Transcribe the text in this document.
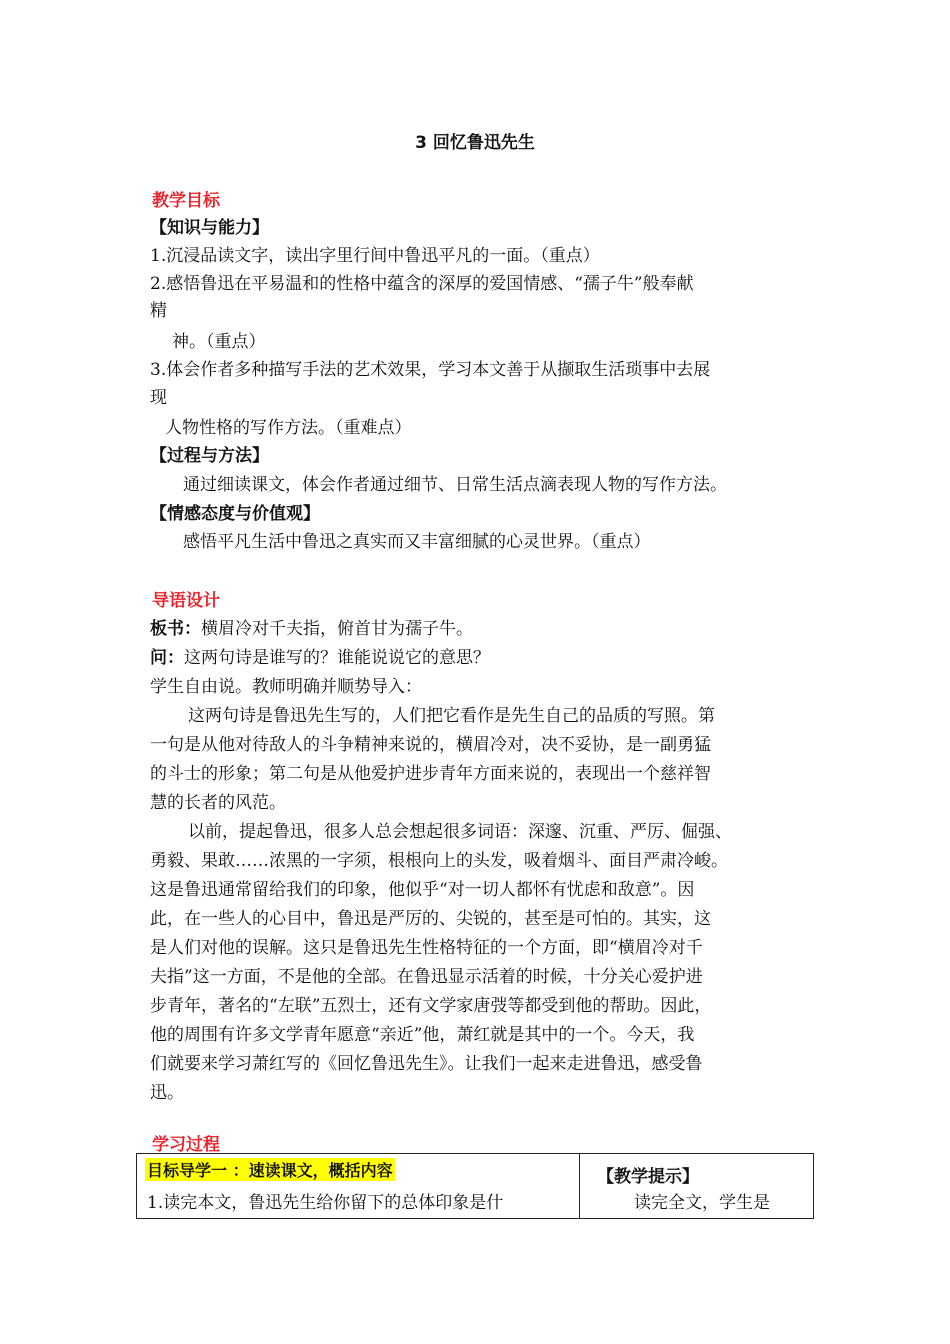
3 回忆鲁迅先生
教学目标
【知识与能力】
1.沉浸品读文字，读出字里行间中鲁迅平凡的一面。（重点）
2.感悟鲁迅在平易温和的性格中蕴含的深厚的爱国情感、“孺子牛”般奉献
精
神。（重点）
3.体会作者多种描写手法的艺术效果，学习本文善于从撷取生活琐事中去展
现
人物性格的写作方法。（重难点）
【过程与方法】
通过细读课文，体会作者通过细节、日常生活点滴表现人物的写作方法。
【情感态度与价值观】
感悟平凡生活中鲁迅之真实而又丰富细腻的心灵世界。（重点）
导语设计
板书：横眉冷对千夫指，俯首甘为孺子牛。
问：这两句诗是谁写的？谁能说说它的意思？
学生自由说。教师明确并顺势导入：
这两句诗是鲁迅先生写的，人们把它看作是先生自己的品质的写照。第
一句是从他对待敌人的斗争精神来说的，横眉冷对，决不妥协，是一副勇猛
的斗士的形象；第二句是从他爱护进步青年方面来说的，表现出一个慈祥智
慧的长者的风范。
以前，提起鲁迅，很多人总会想起很多词语：深邃、沉重、严厉、倔强、
勇毅、果敢……浓黑的一字须，根根向上的头发，吸着烟斗、面目严肃冷峻。
这是鲁迅通常留给我们的印象，他似乎“对一切人都怀有忧虑和敌意”。因
此，在一些人的心目中，鲁迅是严厉的、尖锐的，甚至是可怕的。其实，这
是人们对他的误解。这只是鲁迅先生性格特征的一个方面，即“横眉冷对千
夫指”这一方面，不是他的全部。在鲁迅显示活着的时候，十分关心爱护进
步青年，著名的“左联”五烈士，还有文学家唐弢等都受到他的帮助。因此，
他的周围有许多文学青年愿意“亲近”他，萧红就是其中的一个。今天，我
们就要来学习萧红写的《回忆鲁迅先生》。让我们一起来走进鲁迅，感受鲁
迅。
学习过程
目标导学一 ：速读课文，概括内容
1.读完本文，鲁迅先生给你留下的总体印象是什
【教学提示】
读完全文，学生是
